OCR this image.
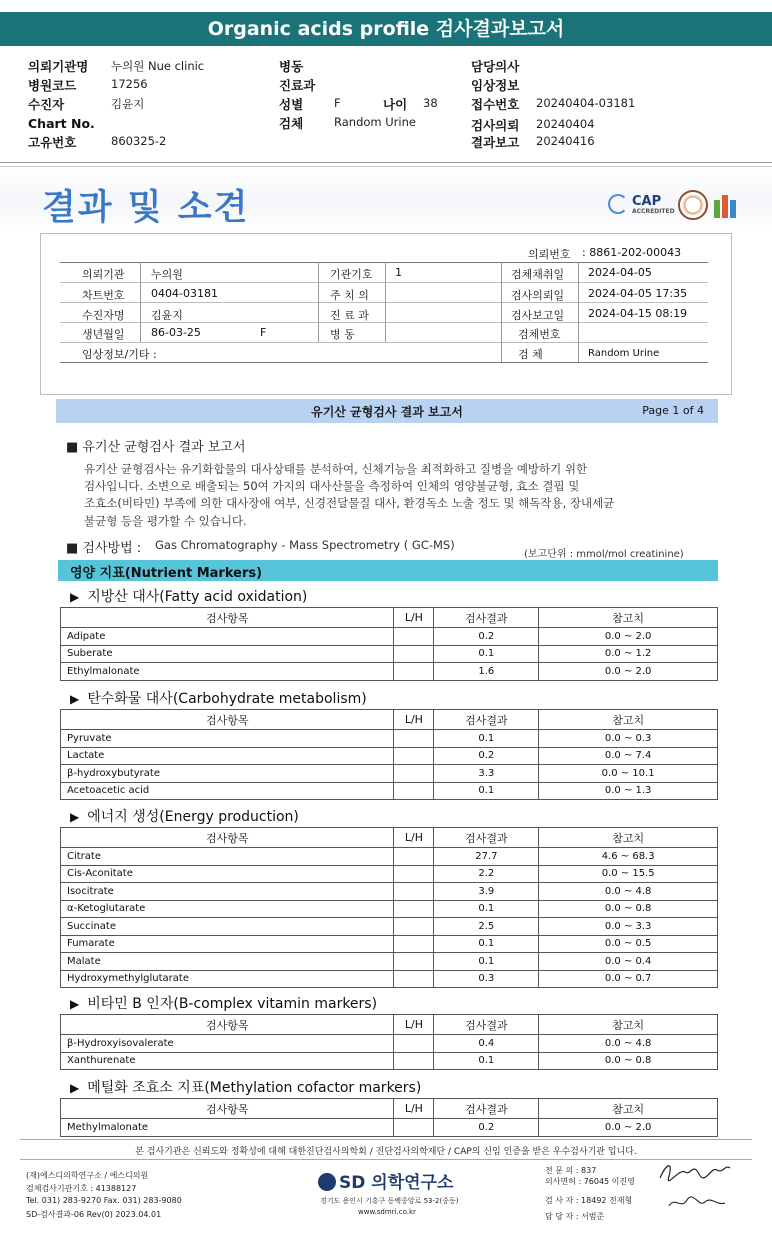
Organic acids profile 검사결과보고서
의뢰기관명 누의원 Nue clinic
병원코드	17256
수진자	김윤지
Chart No.
고유번호	860325-2
병동
진료과
성별	F	나이 38
검체	Random Urine
담당의사
임상정보
접수번호 20240404-03181
검사의뢰 20240404
결과보고 20240416
결과 및 소견	CAP
ACCREDITED
의뢰번호 : 8861-202-00043
의뢰기관 누의원	기관기호 1	검체채취일 2024-04-05
차트번호 0404-03181	주 치 의	검사의뢰일 2024-04-05 17:35
수진자명 김윤지	진 료 과	검사보고일 2024-04-15 08:19
생년월일 86-03-25	F	병 동	검체번호
임상정보/기타 :	검 체	Random Urine
유기산 균형검사 결과 보고서	Page 1 of 4
■ 유기산 균형검사 결과 보고서
유기산 균형검사는 유기화합물의 대사상태를 분석하여, 신체기능을 최적화하고 질병을 예방하기 위한
검사입니다. 소변으로 배출되는 50여 가지의 대사산물을 측정하여 인체의 영양불균형, 효소 결핍 및
조효소(비타민) 부족에 의한 대사장애 여부, 신경전달물질 대사, 환경독소 노출 정도 및 해독작용, 장내세균
불균형 등을 평가할 수 있습니다.
■ 검사방법 : Gas Chromatography - Mass Spectrometry ( GC-MS)
(보고단위 : mmol/mol creatinine)
영양 지표(Nutrient Markers)
▶ 지방산 대사(Fatty acid oxidation)
검사항목	L/H	검사결과	참고치
Adipate		0.2	0.0 ~ 2.0
Suberate		0.1	0.0 ~ 1.2
Ethylmalonate		1.6	0.0 ~ 2.0
▶ 탄수화물 대사(Carbohydrate metabolism)
검사항목	L/H	검사결과	참고치
Pyruvate		0.1	0.0 ~ 0.3
Lactate		0.2	0.0 ~ 7.4
β-hydroxybutyrate		3.3	0.0 ~ 10.1
Acetoacetic acid		0.1	0.0 ~ 1.3
▶ 에너지 생성(Energy production)
검사항목	L/H	검사결과	참고치
Citrate		27.7	4.6 ~ 68.3
Cis-Aconitate		2.2	0.0 ~ 15.5
Isocitrate		3.9	0.0 ~ 4.8
α-Ketoglutarate		0.1	0.0 ~ 0.8
Succinate		2.5	0.0 ~ 3.3
Fumarate		0.1	0.0 ~ 0.5
Malate		0.1	0.0 ~ 0.4
Hydroxymethylglutarate		0.3	0.0 ~ 0.7
▶ 비타민 B 인자(B-complex vitamin markers)
검사항목	L/H	검사결과	참고치
β-Hydroxyisovalerate		0.4	0.0 ~ 4.8
Xanthurenate		0.1	0.0 ~ 0.8
▶ 메틸화 조효소 지표(Methylation cofactor markers)
검사항목	L/H	검사결과	참고치
Methylmalonate		0.2	0.0 ~ 2.0
본 검사기관은 신뢰도와 정확성에 대해 대한진단검사의학회 / 진단검사의학재단 / CAP의 신임 인증을 받은 우수검사기관 입니다.
(재)에스디의학연구소 / 에스디의원
검체검사기관기호 : 41388127
Tel. 031) 283-9270 Fax. 031) 283-9080
SD-검사결과-06 Rev(0) 2023.04.01
SD 의학연구소
경기도 용인시 기흥구 동백중앙로 53-2(중동)
www.sdmri.co.kr
전 문 의 : 837
의사면허 : 76045 이진영
검 사 자 : 18492 전재형
담 당 자 : 서범준
